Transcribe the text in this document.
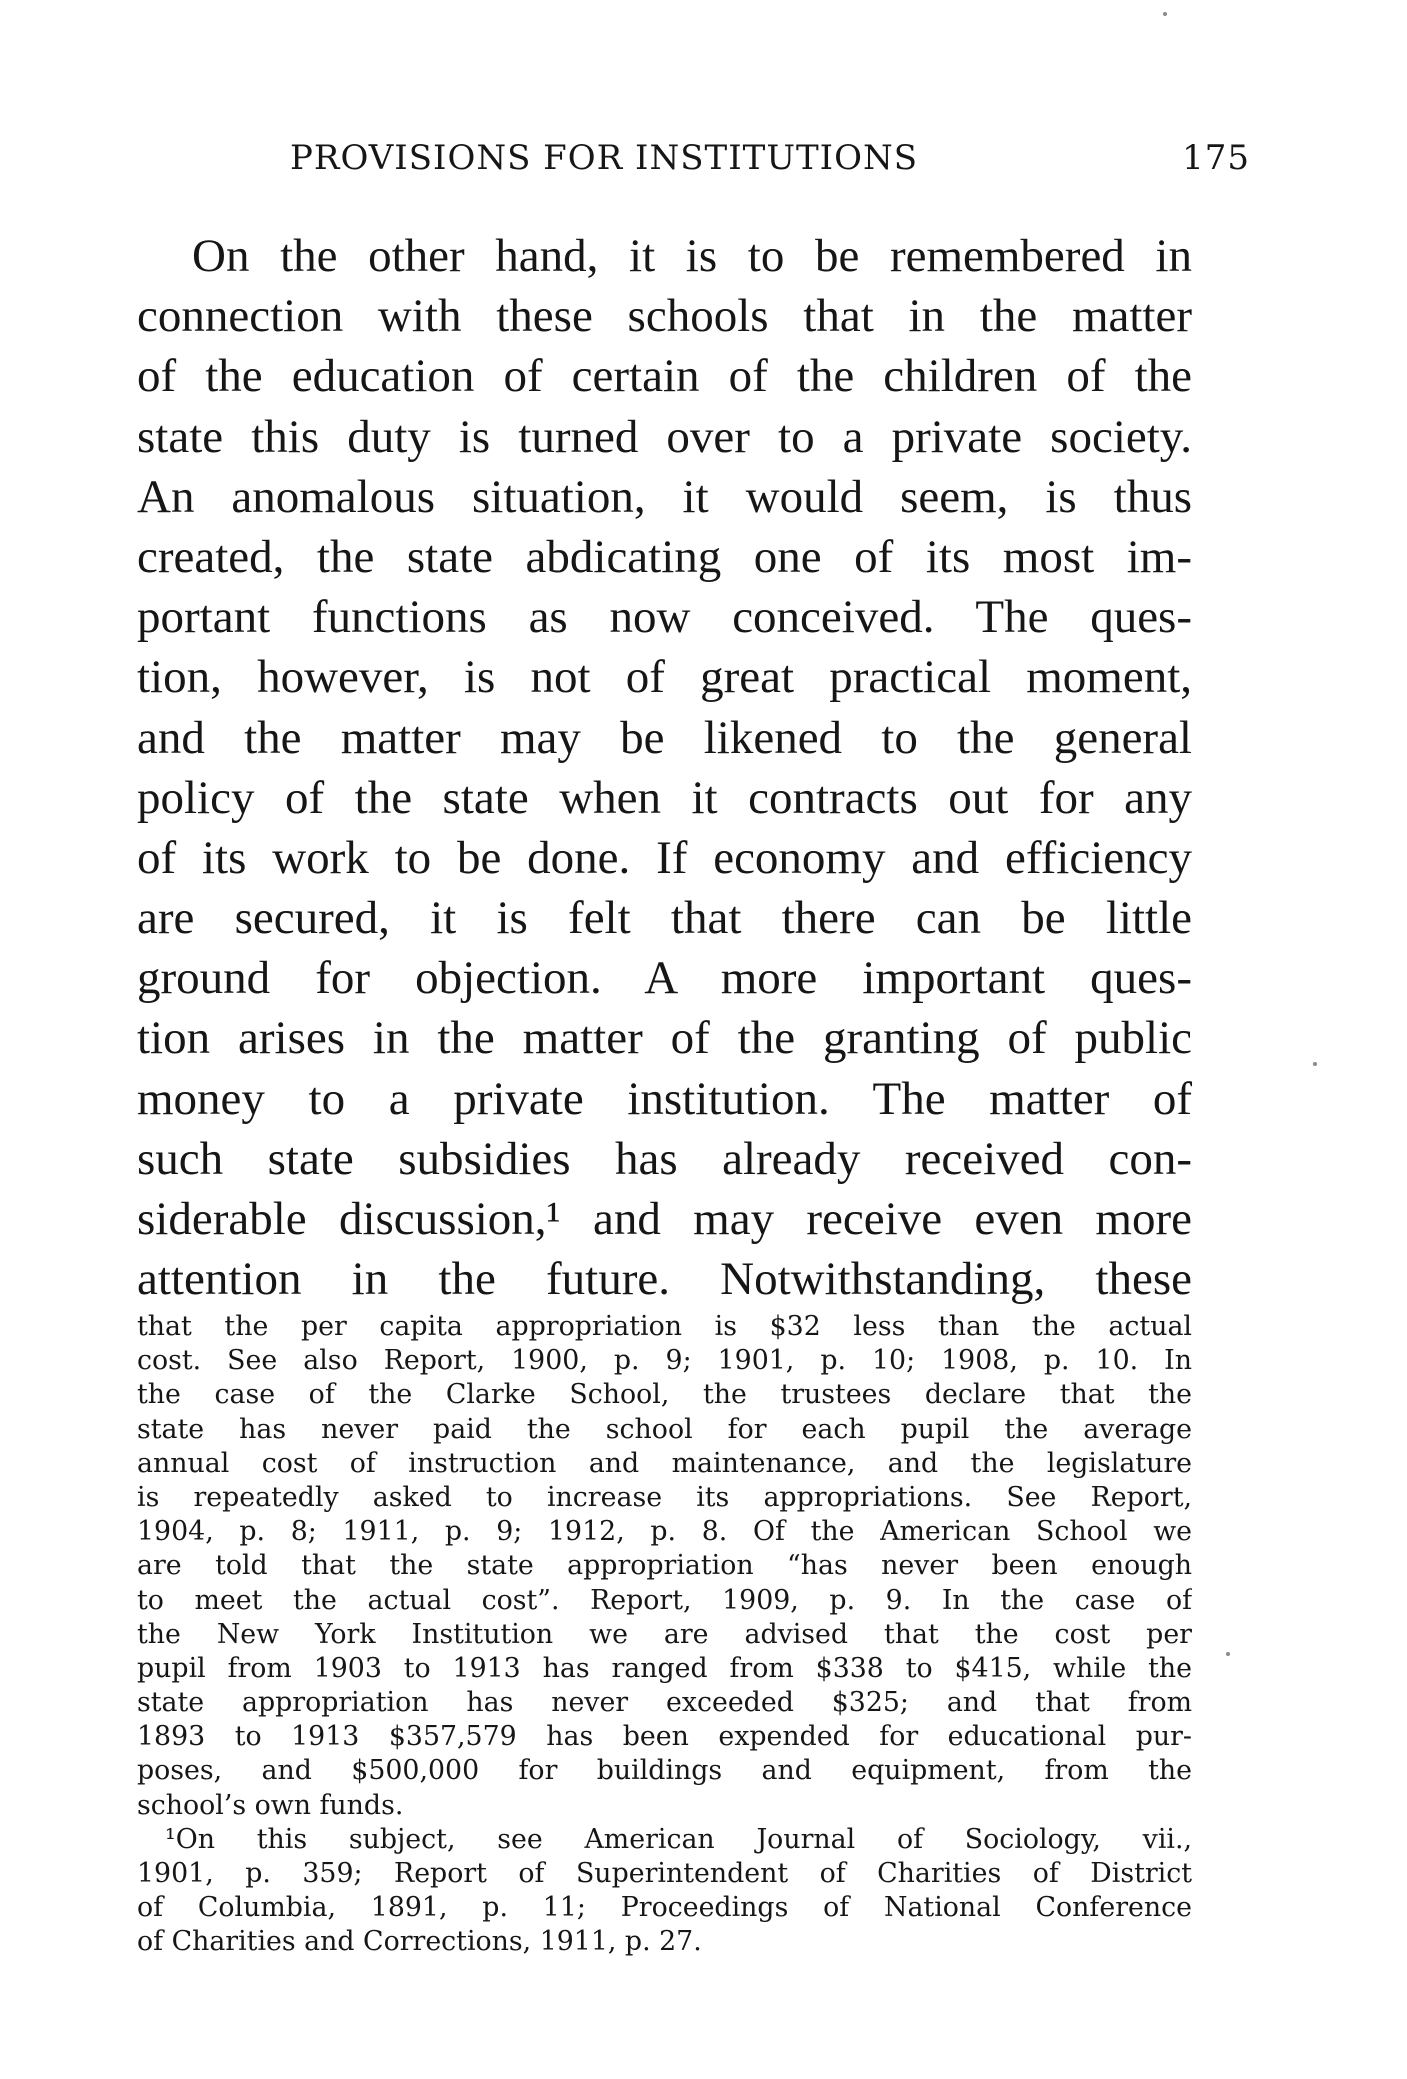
PROVISIONS FOR INSTITUTIONS	175
On the other hand, it is to be remembered in
connection with these schools that in the matter
of the education of certain of the children of the
state this duty is turned over to a private society.
An anomalous situation, it would seem, is thus
created, the state abdicating one of its most im-
portant functions as now conceived. The ques-
tion, however, is not of great practical moment,
and the matter may be likened to the general
policy of the state when it contracts out for any
of its work to be done. If economy and efficiency
are secured, it is felt that there can be little
ground for objection. A more important ques-
tion arises in the matter of the granting of public
money to a private institution. The matter of
such state subsidies has already received con-
siderable discussion,¹ and may receive even more
attention in the future. Notwithstanding, these
that the per capita appropriation is $32 less than the actual
cost. See also Report, 1900, p. 9; 1901, p. 10; 1908, p. 10. In
the case of the Clarke School, the trustees declare that the
state has never paid the school for each pupil the average
annual cost of instruction and maintenance, and the legislature
is repeatedly asked to increase its appropriations. See Report,
1904, p. 8; 1911, p. 9; 1912, p. 8. Of the American School we
are told that the state appropriation “has never been enough
to meet the actual cost”. Report, 1909, p. 9. In the case of
the New York Institution we are advised that the cost per
pupil from 1903 to 1913 has ranged from $338 to $415, while the
state appropriation has never exceeded $325; and that from
1893 to 1913 $357,579 has been expended for educational pur-
poses, and $500,000 for buildings and equipment, from the
school’s own funds.
¹On this subject, see American Journal of Sociology, vii.,
1901, p. 359; Report of Superintendent of Charities of District
of Columbia, 1891, p. 11; Proceedings of National Conference
of Charities and Corrections, 1911, p. 27.
